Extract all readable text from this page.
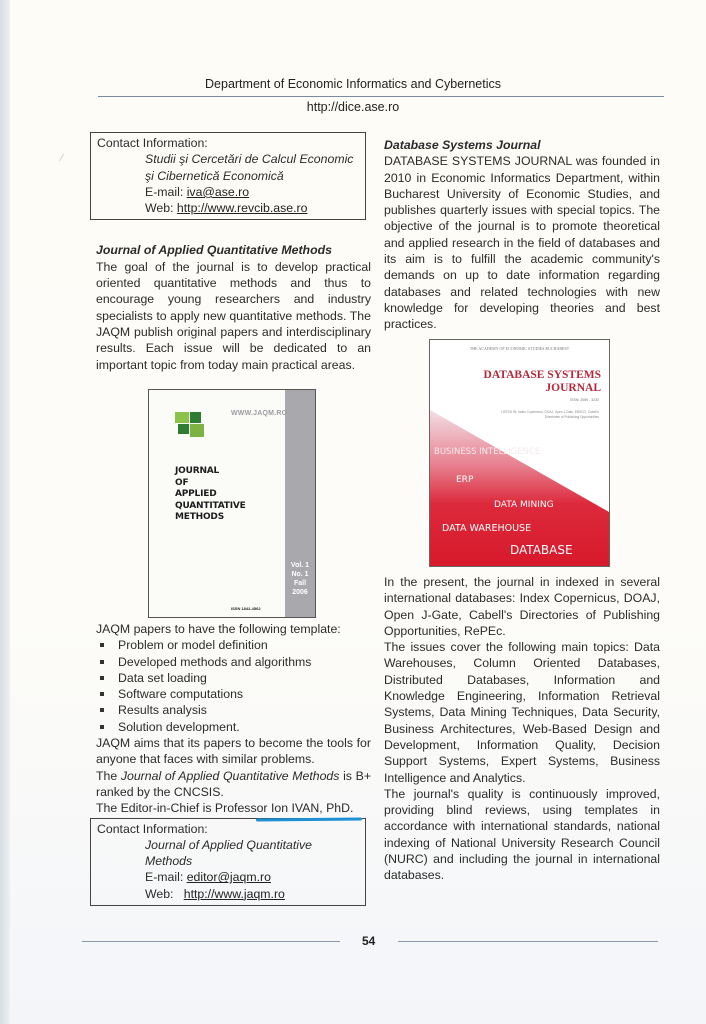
⁄
Department of Economic Informatics and Cybernetics
http://dice.ase.ro
Contact Information:
Studii şi Cercetări de Calcul Economic
şi Cibernetică Economică
E-mail: iva@ase.ro
Web: http://www.revcib.ase.ro
Journal of Applied Quantitative Methods
The goal of the journal is to develop practical oriented quantitative methods and thus to encourage young researchers and industry specialists to apply new quantitative methods. The JAQM publish original papers and interdisciplinary results. Each issue will be dedicated to an important topic from today main practical areas.
WWW.JAQM.RO
JOURNAL
OF
APPLIED
QUANTITATIVE
METHODS
Vol. 1
No. 1
Fall
2006
ISSN 1842-4562
JAQM papers to have the following template:
Problem or model definition
Developed methods and algorithms
Data set loading
Software computations
Results analysis
Solution development.
JAQM aims that its papers to become the tools for anyone that faces with similar problems.
The Journal of Applied Quantitative Methods is B+ ranked by the CNCSIS.
The Editor-in-Chief is Professor Ion IVAN, PhD.
Contact Information:
Journal of Applied Quantitative Methods
E-mail: editor@jaqm.ro
Web: http://www.jaqm.ro
Database Systems Journal
DATABASE SYSTEMS JOURNAL was founded in 2010 in Economic Informatics Department, within Bucharest University of Economic Studies, and publishes quarterly issues with special topics. The objective of the journal is to promote theoretical and applied research in the field of databases and its aim is to fulfill the academic community's demands on up to date information regarding databases and related technologies with new knowledge for developing theories and best practices.
THE ACADEMY OF ECONOMIC STUDIES BUCHAREST
DATABASE SYSTEMS
JOURNAL
ISSN: 2069 - 3230
LISTED IN: Index Copernicus, DOAJ, Open J-Gate, EBSCO, Cabell's Directories of Publishing Opportunities
BUSINESS INTELLIGENCE
ERP
DATA MINING
DATA WAREHOUSE
DATABASE
In the present, the journal in indexed in several international databases: Index Copernicus, DOAJ, Open J-Gate, Cabell's Directories of Publishing Opportunities, RePEc.
The issues cover the following main topics: Data Warehouses, Column Oriented Databases, Distributed Databases, Information and Knowledge Engineering, Information Retrieval Systems, Data Mining Techniques, Data Security, Business Architectures, Web-Based Design and Development, Information Quality, Decision Support Systems, Expert Systems, Business Intelligence and Analytics.
The journal's quality is continuously improved, providing blind reviews, using templates in accordance with international standards, national indexing of National University Research Council (NURC) and including the journal in international databases.
54
